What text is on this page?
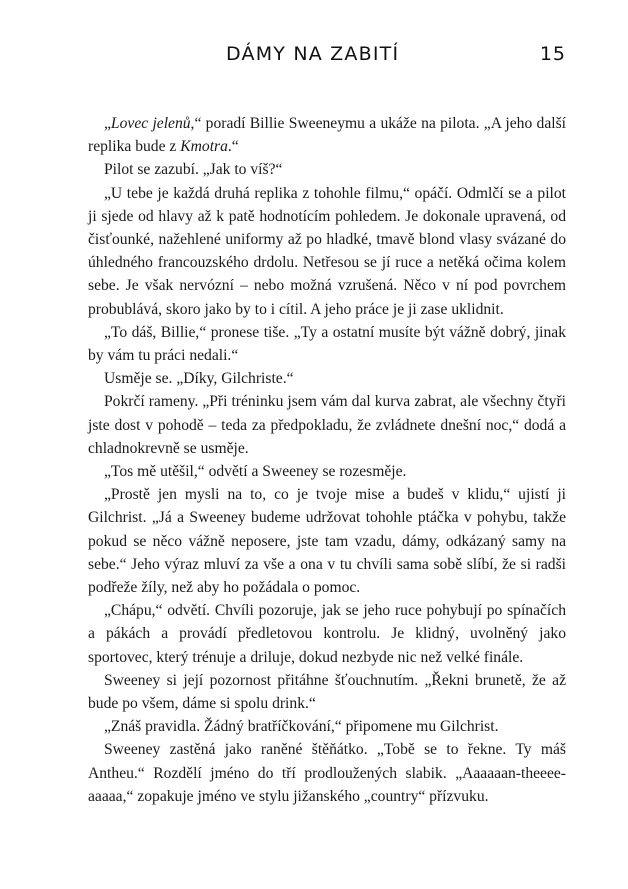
DÁMY NA ZABITÍ	15

„Lovec jelenů,“ poradí Billie Sweeneymu a ukáže na pilota. „A jeho další replika bude z Kmotra.“

Pilot se zazubí. „Jak to víš?“

„U tebe je každá druhá replika z tohohle filmu,“ opáčí. Odmlčí se a pilot ji sjede od hlavy až k patě hodnotícím pohledem. Je dokonale upravená, od čisťounké, nažehlené uniformy až po hladké, tmavě blond vlasy svázané do úhledného francouzského drdolu. Netřesou se jí ruce a netěká očima kolem sebe. Je však nervózní – nebo možná vzrušená. Něco v ní pod povrchem probublává, skoro jako by to i cítil. A jeho práce je ji zase uklidnit.

„To dáš, Billie,“ pronese tiše. „Ty a ostatní musíte být vážně dobrý, jinak by vám tu práci nedali.“

Usměje se. „Díky, Gilchriste.“

Pokrčí rameny. „Při tréninku jsem vám dal kurva zabrat, ale všechny čtyři jste dost v pohodě – teda za předpokladu, že zvládnete dnešní noc,“ dodá a chladnokrevně se usměje.

„Tos mě utěšil,“ odvětí a Sweeney se rozesměje.

„Prostě jen mysli na to, co je tvoje mise a budeš v klidu,“ ujistí ji Gilchrist. „Já a Sweeney budeme udržovat tohohle ptáčka v pohybu, takže pokud se něco vážně neposere, jste tam vzadu, dámy, odkázaný samy na sebe.“ Jeho výraz mluví za vše a ona v tu chvíli sama sobě slíbí, že si radši podřeže žíly, než aby ho požádala o pomoc.

„Chápu,“ odvětí. Chvíli pozoruje, jak se jeho ruce pohybují po spínačích a pákách a provádí předletovou kontrolu. Je klidný, uvolněný jako sportovec, který trénuje a driluje, dokud nezbyde nic než velké finále.

Sweeney si její pozornost přitáhne šťouchnutím. „Řekni brunetě, že až bude po všem, dáme si spolu drink.“

„Znáš pravidla. Žádný bratříčkování,“ připomene mu Gilchrist.

Sweeney zastěná jako raněné štěňátko. „Tobě se to řekne. Ty máš Antheu.“ Rozdělí jméno do tří prodloužených slabik. „Aaaaaan-theeee-aaaaa,“ zopakuje jméno ve stylu jižanského „country“ přízvuku.
